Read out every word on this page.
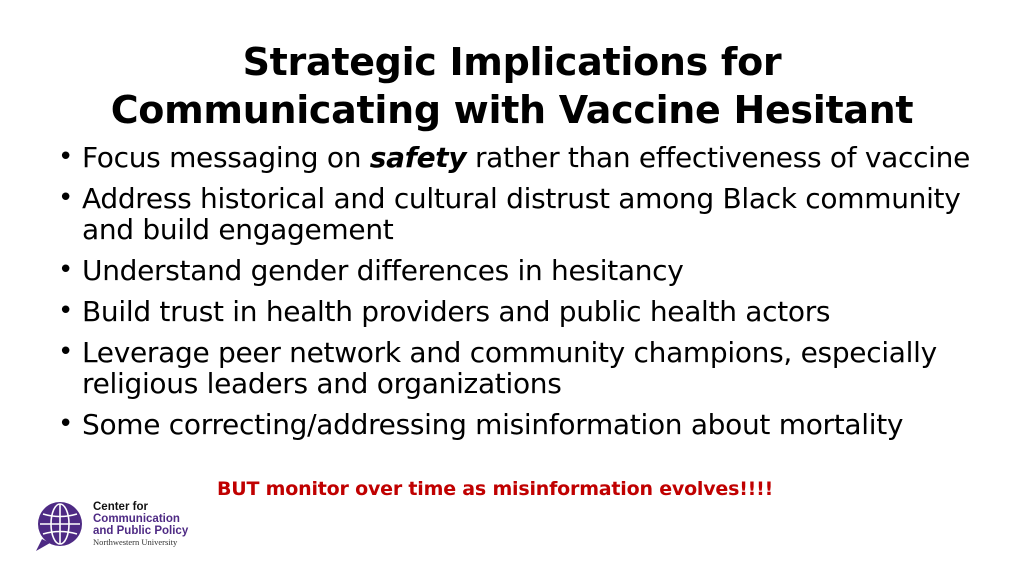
Strategic Implications for
Communicating with Vaccine Hesitant
• Focus messaging on safety rather than effectiveness of vaccine
• Address historical and cultural distrust among Black community and build engagement
• Understand gender differences in hesitancy
• Build trust in health providers and public health actors
• Leverage peer network and community champions, especially religious leaders and organizations
• Some correcting/addressing misinformation about mortality
BUT monitor over time as misinformation evolves!!!!
Center for
Communication
and Public Policy
Northwestern University
